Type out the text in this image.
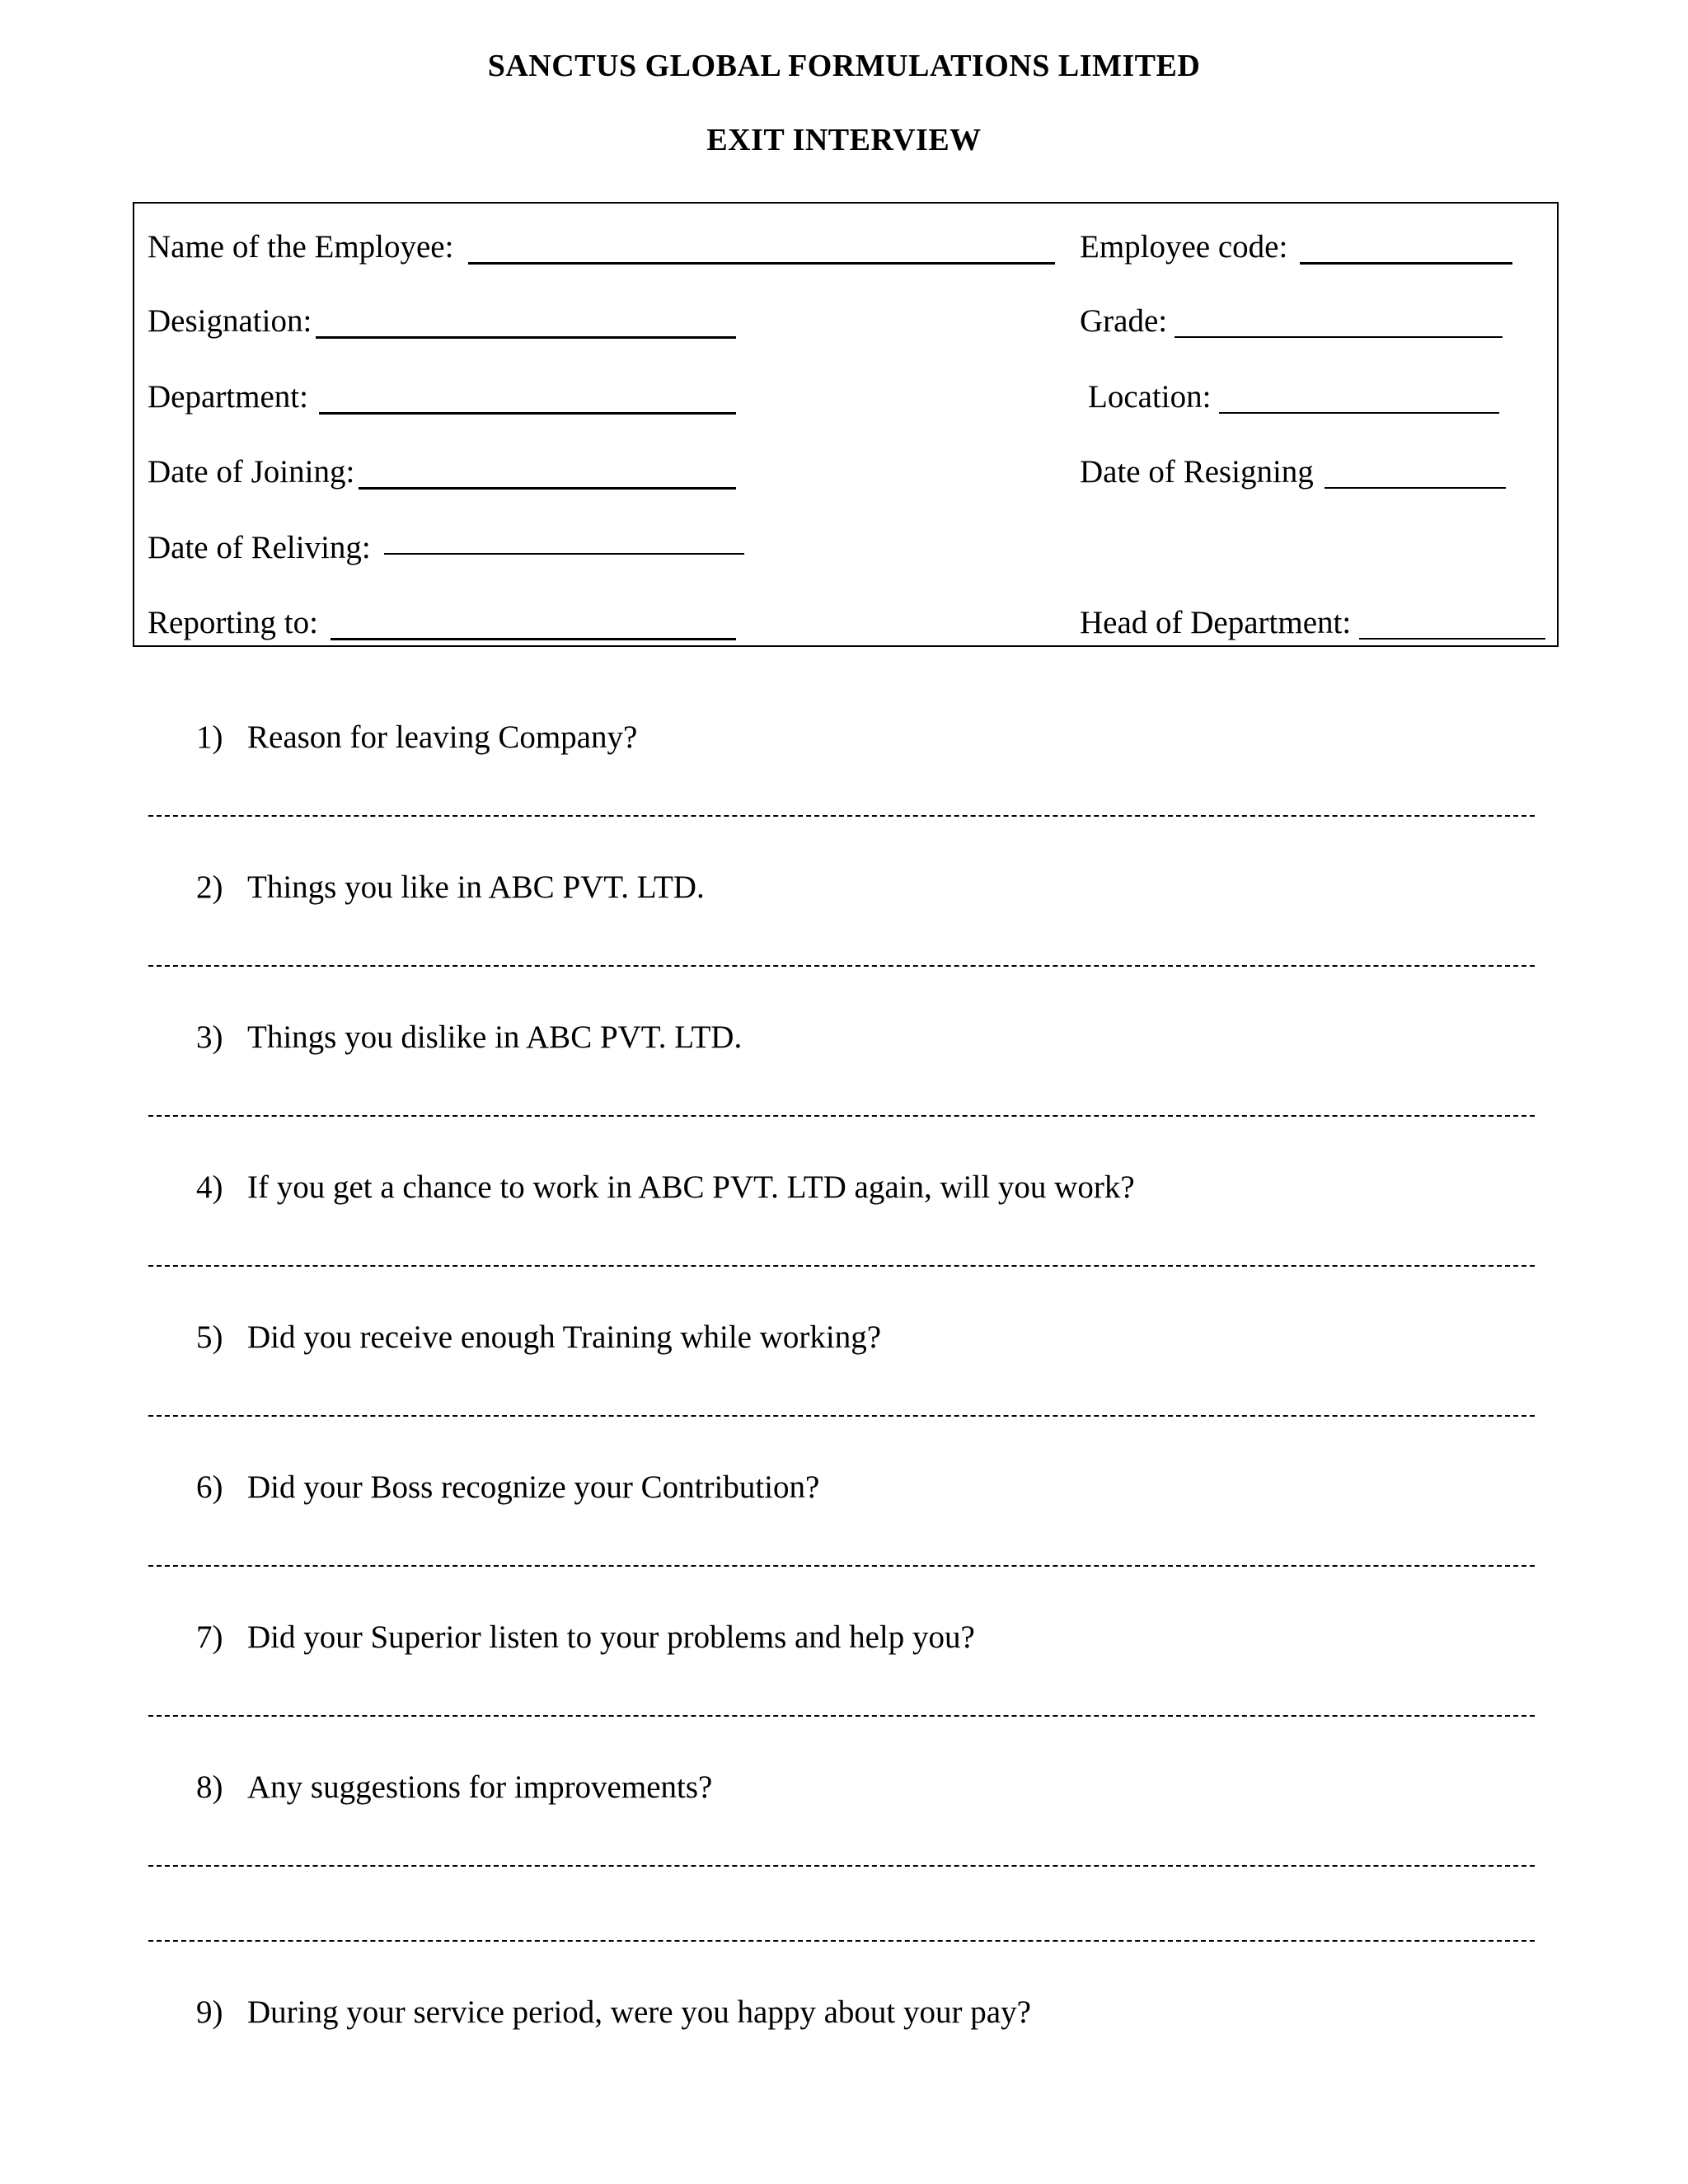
SANCTUS GLOBAL FORMULATIONS LIMITED
EXIT INTERVIEW
Name of the Employee:	Employee code:
Designation:	Grade:
Department:	Location:
Date of Joining:	Date of Resigning
Date of Reliving:
Reporting to:	Head of Department:
1) Reason for leaving Company?
2) Things you like in ABC PVT. LTD.
3) Things you dislike in ABC PVT. LTD.
4) If you get a chance to work in ABC PVT. LTD again, will you work?
5) Did you receive enough Training while working?
6) Did your Boss recognize your Contribution?
7) Did your Superior listen to your problems and help you?
8) Any suggestions for improvements?
9) During your service period, were you happy about your pay?
